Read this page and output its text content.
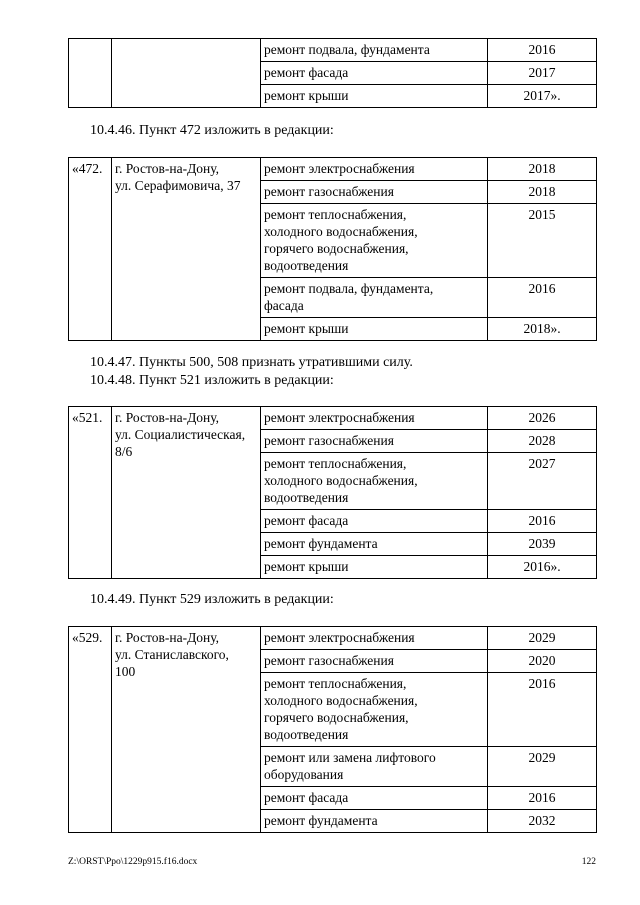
		ремонт подвала, фундамента	2016
		ремонт фасада	2017
		ремонт крыши	2017».
10.4.46. Пункт 472 изложить в редакции:
«472.	г. Ростов-на-Дону,
ул. Серафимовича, 37	ремонт электроснабжения	2018
		ремонт газоснабжения	2018
		ремонт теплоснабжения,
холодного водоснабжения,
горячего водоснабжения,
водоотведения	2015
		ремонт подвала, фундамента,
фасада	2016
		ремонт крыши	2018».
10.4.47. Пункты 500, 508 признать утратившими силу.
10.4.48. Пункт 521 изложить в редакции:
«521.	г. Ростов-на-Дону,
ул. Социалистическая,
8/6	ремонт электроснабжения	2026
		ремонт газоснабжения	2028
		ремонт теплоснабжения,
холодного водоснабжения,
водоотведения	2027
		ремонт фасада	2016
		ремонт фундамента	2039
		ремонт крыши	2016».
10.4.49. Пункт 529 изложить в редакции:
«529.	г. Ростов-на-Дону,
ул. Станиславского,
100	ремонт электроснабжения	2029
		ремонт газоснабжения	2020
		ремонт теплоснабжения,
холодного водоснабжения,
горячего водоснабжения,
водоотведения	2016
		ремонт или замена лифтового
оборудования	2029
		ремонт фасада	2016
		ремонт фундамента	2032
Z:\ORST\Ppo\1229p915.f16.docx	122
